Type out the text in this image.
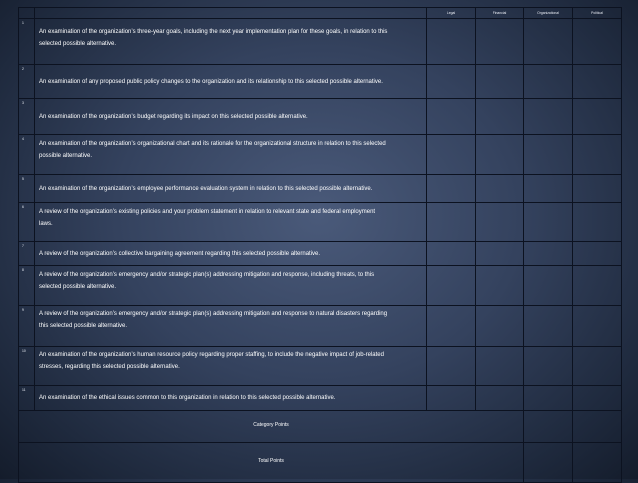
		Legal	Financial	Organizational	Political
1	An examination of the organization’s three-year goals, including the next year implementation plan for these goals, in relation to this
selected possible alternative.				

2	An examination of any proposed public policy changes to the organization and its relationship to this selected possible alternative.				

3	An examination of the organization’s budget regarding its impact on this selected possible alternative.				

4	An examination of the organization’s organizational chart and its rationale for the organizational structure in relation to this selected
possible alternative.				

5	An examination of the organization’s employee performance evaluation system in relation to this selected possible alternative.				

6	A review of the organization’s existing policies and your problem statement in relation to relevant state and federal employment
laws.				

7	A review of the organization’s collective bargaining agreement regarding this selected possible alternative.				

8	A review of the organization’s emergency and/or strategic plan(s) addressing mitigation and response, including threats, to this
selected possible alternative.				

9	A review of the organization’s emergency and/or strategic plan(s) addressing mitigation and response to natural disasters regarding
this selected possible alternative.				

10	An examination of the organization’s human resource policy regarding proper staffing, to include the negative impact of job-related
stresses, regarding this selected possible alternative.				

11	An examination of the ethical issues common to this organization in relation to this selected possible alternative.				

Category Points					
Total Points					
